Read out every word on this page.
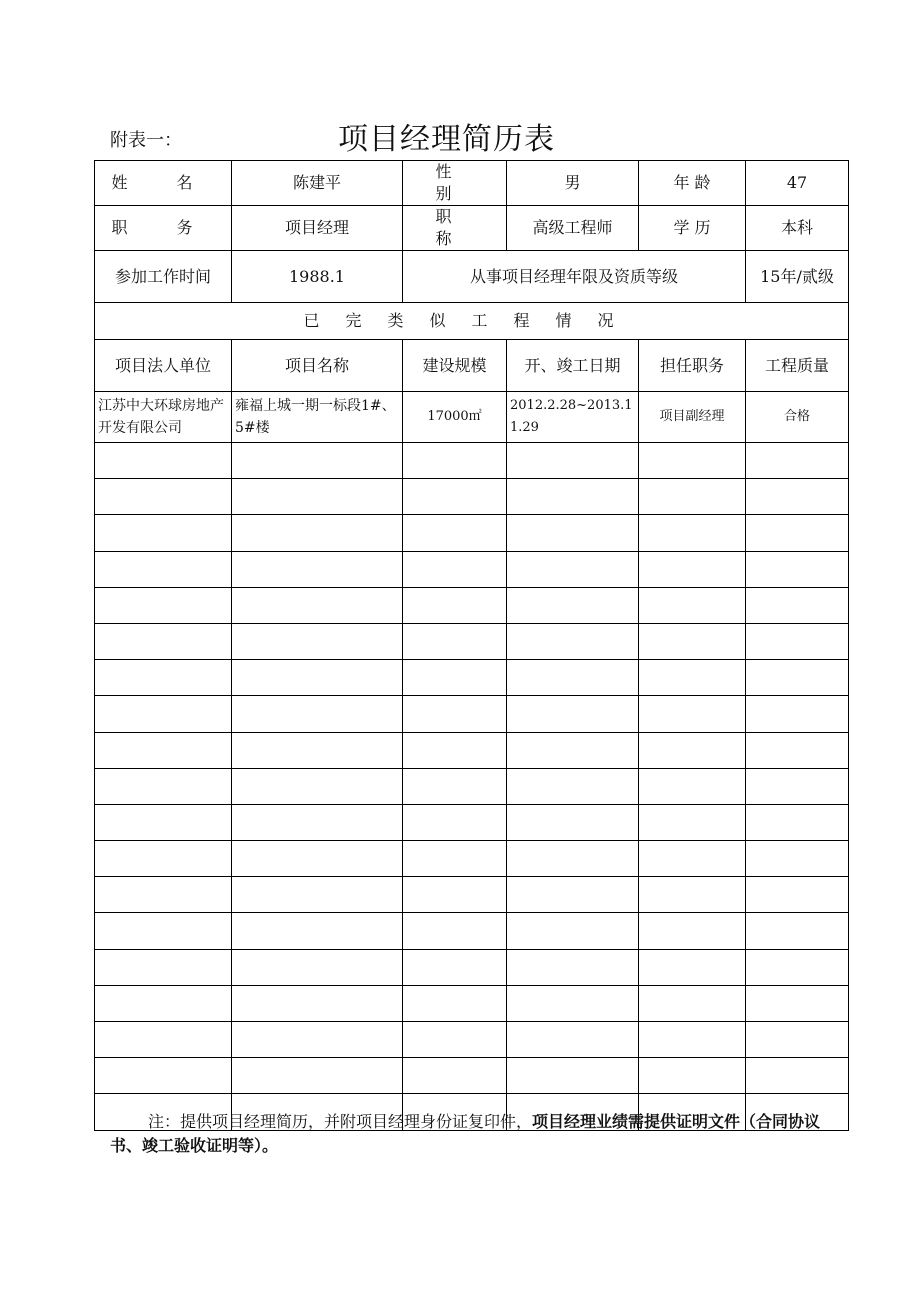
附表一：	项目经理简历表
姓 名	陈建平	性 别	男	年 龄	47
职 务	项目经理	职 称	高级工程师	学 历	本科
参加工作时间	1988.1	从事项目经理年限及资质等级			15年/贰级
已完类似工程情况					
项目法人单位	项目名称	建设规模	开、竣工日期	担任职务	工程质量
江苏中大环球房地产开发有限公司	雍福上城一期一标段1#、5#楼	17000㎡	2012.2.28~2013.11.29	项目副经理	合格

注：提供项目经理简历，并附项目经理身份证复印件，项目经理业绩需提供证明文件（合同协议书、竣工验收证明等）。
